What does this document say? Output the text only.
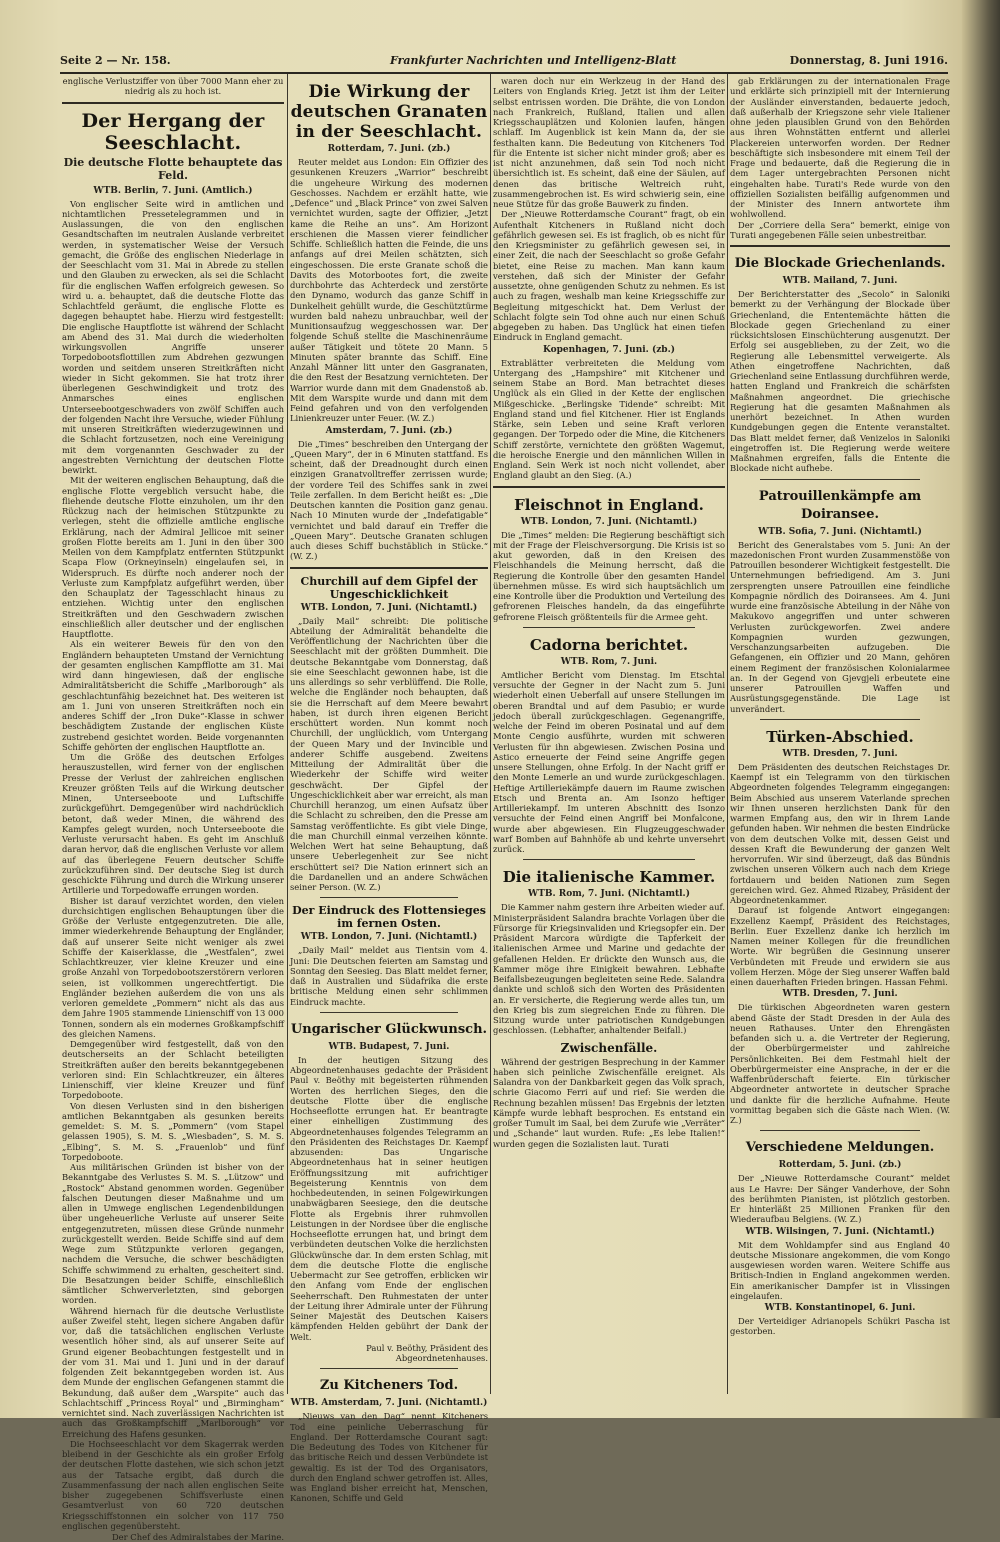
Seite 2 — Nr. 158.	Frankfurter Nachrichten und Intelligenz-Blatt	Donnerstag, 8. Juni 1916.

englische Verlustziffer von über 7000 Mann eher zu niedrig als zu hoch ist.

Der Hergang der Seeschlacht.
Die deutsche Flotte behauptete das Feld.
WTB. Berlin, 7. Juni. (Amtlich.)

Von englischer Seite wird in amtlichen und nichtamtlichen Pressetelegrammen und in Auslassungen, die von den englischen Gesandtschaften im neutralen Auslande verbreitet werden, in systematischer Weise der Versuch gemacht, die Größe des englischen Niederlage in der Seeschlacht vom 31. Mai in Abrede zu stellen und den Glauben zu erwecken, als sei die Schlacht für die englischen Waffen erfolgreich gewesen. So wird u. a. behauptet, daß die deutsche Flotte das Schlachtfeld geräumt, die englische Flotte es dagegen behauptet habe. Hierzu wird festgestellt: Die englische Hauptflotte ist während der Schlacht am Abend des 31. Mai durch die wiederholten wirkungsvollen Angriffe unserer Torpedobootsflottillen zum Abdrehen gezwungen worden und seitdem unseren Streitkräften nicht wieder in Sicht gekommen. Sie hat trotz ihrer überlegenen Geschwindigkeit und trotz des Anmarsches eines englischen Unterseebootgeschwaders von zwölf Schiffen auch der folgenden Nacht ihre Versuche, wieder Fühlung mit unseren Streitkräften wiederzugewinnen und die Schlacht fortzusetzen, noch eine Vereinigung mit dem vorgenannten Geschwader zu der angestrebten Vernichtung der deutschen Flotte bewirkt.

Mit der weiteren englischen Behauptung, daß die englische Flotte vergeblich versucht habe, die fliehende deutsche Flotte einzuholen, um ihr den Rückzug nach der heimischen Stützpunkte zu verlegen, steht die offizielle amtliche englische Erklärung, nach der Admiral Jellicoe mit seiner großen Flotte bereits am 1. Juni in den über 300 Meilen von dem Kampfplatz entfernten Stützpunkt Scapa Flow (Orkneyinseln) eingelaufen sei, in Widerspruch. Es dürfte noch anderer noch der Verluste zum Kampfplatz aufgeführt werden, über den Schauplatz der Tagesschlacht hinaus zu entziehen. Wichtig unter den englischen Streitkräften und den Geschwadern zwischen einschließlich aller deutscher und der englischen Hauptflotte.

Als ein weiterer Beweis für den von den Engländern behaupteten Umstand der Vernichtung der gesamten englischen Kampfflotte am 31. Mai wird dann hingewiesen, daß der englische Admiralitätsbericht die Schiffe „Marlborough“ als geschlachtunfähig bezeichnet hat. Des weiteren ist am 1. Juni von unseren Streitkräften noch ein anderes Schiff der „Iron Duke“-Klasse in schwer beschädigtem Zustande der englischen Küste zustrebend gesichtet worden. Beide vorgenannten Schiffe gehörten der englischen Hauptflotte an.

Um die Größe des deutschen Erfolges herauszustellen, wird ferner von der englischen Presse der Verlust der zahlreichen englischen Kreuzer größten Teils auf die Wirkung deutscher Minen, Unterseeboote und Luftschiffe zurückgeführt. Demgegenüber wird nachdrücklich betont, daß weder Minen, die während des Kampfes gelegt wurden, noch Unterseeboote die Verluste verursacht haben. Es geht im Anschluß daran hervor, daß die englischen Verluste vor allem auf das überlegene Feuern deutscher Schiffe zurückzuführen sind. Der deutsche Sieg ist durch geschickte Führung und durch die Wirkung unserer Artillerie und Torpedowaffe errungen worden.

Bisher ist darauf verzichtet worden, den vielen durchsichtigen englischen Behauptungen über die Größe der Verluste entgegenzutreten. Die alle, immer wiederkehrende Behauptung der Engländer, daß auf unserer Seite nicht weniger als zwei Schiffe der Kaiserklasse, die „Westfalen“, zwei Schlachtkreuzer, vier kleine Kreuzer und eine große Anzahl von Torpedobootszerstörern verloren seien, ist vollkommen ungerechtfertigt. Die Engländer beziehen außerdem die von uns als verloren gemeldete „Pommern“ nicht als das aus dem Jahre 1905 stammende Linienschiff von 13 000 Tonnen, sondern als ein modernes Großkampfschiff des gleichen Namens.

Demgegenüber wird festgestellt, daß von den deutscherseits an der Schlacht beteiligten Streitkräften außer den bereits bekanntgegebenen verloren sind: Ein Schlachtkreuzer, ein älteres Linienschiff, vier kleine Kreuzer und fünf Torpedoboote.

Von diesen Verlusten sind in den bisherigen amtlichen Bekanntgaben als gesunken bereits gemeldet: S. M. S. „Pommern“ (vom Stapel gelassen 1905), S. M. S. „Wiesbaden“, S. M. S. „Elbing“, S. M. S. „Frauenlob“ und fünf Torpedoboote.

Aus militärischen Gründen ist bisher von der Bekanntgabe des Verlustes S. M. S. „Lützow“ und „Rostock“ Abstand genommen worden. Gegenüber falschen Deutungen dieser Maßnahme und um allen in Umwege englischen Legendenbildungen über ungeheuerliche Verluste auf unserer Seite entgegenzutreten, müssen diese Gründe nunmehr zurückgestellt werden. Beide Schiffe sind auf dem Wege zum Stützpunkte verloren gegangen, nachdem die Versuche, die schwer beschädigten Schiffe schwimmend zu erhalten, gescheitert sind. Die Besatzungen beider Schiffe, einschließlich sämtlicher Schwerverletzten, sind geborgen worden.

Während hiernach für die deutsche Verlustliste außer Zweifel steht, liegen sichere Angaben dafür vor, daß die tatsächlichen englischen Verluste wesentlich höher sind, als auf unserer Seite auf Grund eigener Beobachtungen festgestellt und in der vom 31. Mai und 1. Juni und in der darauf folgenden Zeit bekanntgegeben worden ist. Aus dem Munde der englischen Gefangenen stammt die Bekundung, daß außer dem „Warspite“ auch das Schlachtschiff „Princess Royal“ und „Birmingham“ vernichtet sind. Nach zuverlässigen Nachrichten ist auch das Großkampfschiff „Marlborough“ vor Erreichung des Hafens gesunken.

Die Hochseeschlacht vor dem Skagerrak werden bleibend in der Geschichte als ein großer Erfolg der deutschen Flotte dastehen, wie sich schon jetzt aus der Tatsache ergibt, daß durch die Zusammenfassung der nach allen englischen Seite bisher zugegebenen Schiffsverluste einen Gesamtverlust von 60 720 deutschen Kriegsschiffstonnen ein solcher von 117 750 englischen gegenübersteht.

Der Chef des Admiralstabes der Marine.
Die Wirkung der deutschen Granaten in der Seeschlacht.
Rotterdam, 7. Juni. (zb.)

Reuter meldet aus London: Ein Offizier des gesunkenen Kreuzers „Warrior“ beschreibt die ungeheure Wirkung des modernen Geschosses. Nachdem er erzählt hatte, wie „Defence“ und „Black Prince“ von zwei Salven vernichtet wurden, sagte der Offizier, „Jetzt kame die Reihe an uns“. Am Horizont erschienen die Massen vierer feindlicher Schiffe. Schließlich hatten die Feinde, die uns anfangs auf drei Meilen schätzten, sich eingeschossen. Die erste Granate schoß die Davits des Motorbootes fort, die zweite durchbohrte das Achterdeck und zerstörte den Dynamo, wodurch das ganze Schiff in Dunkelheit gehüllt wurde, die Geschütztürme wurden bald nahezu unbrauchbar, weil der Munitionsaufzug weggeschossen war. Der folgende Schuß stellte die Maschinenräume außer Tätigkeit und tötete 20 Mann. 5 Minuten später brannte das Schiff. Eine Anzahl Männer litt unter den Gasgranaten, die den Rest der Besatzung vernichteten. Der Warrior wurde dann mit dem Gnadenstoß ab. Mit dem Warspite wurde und dann mit dem Feind gefahren und von den verfolgenden Linienkreuzer unter Feuer. (W. Z.)

Amsterdam, 7. Juni. (zb.)

Die „Times“ beschreiben den Untergang der „Queen Mary“, der in 6 Minuten stattfand. Es scheint, daß der Dreadnought durch einen einzigen Granatvolltreffer zerrissen wurde; der vordere Teil des Schiffes sank in zwei Teile zerfallen. In dem Bericht heißt es: „Die Deutschen kannten die Position ganz genau. Nach 10 Minuten wurde der „Indefatigable“ vernichtet und bald darauf ein Treffer die „Queen Mary“. Deutsche Granaten schlugen auch dieses Schiff buchstäblich in Stücke.“ (W. Z.)

Churchill auf dem Gipfel der Ungeschicklichkeit
WTB. London, 7. Juni. (Nichtamtl.)

„Daily Mail“ schreibt: Die politische Abteilung der Admiralität behandelte die Veröffentlichung der Nachrichten über die Seeschlacht mit der größten Dummheit. Die deutsche Bekanntgabe vom Donnerstag, daß sie eine Seeschlacht gewonnen habe, ist die uns allerdings so sehr verblüffend. Die Rolle, welche die Engländer noch behaupten, daß sie die Herrschaft auf dem Meere bewahrt haben, ist durch ihren eigenen Bericht erschüttert worden. Nun kommt noch Churchill, der unglücklich, vom Untergang der Queen Mary und der Invincible und anderer Schiffe ausgebend. Zweitens Mitteilung der Admiralität über die Wiederkehr der Schiffe wird weiter geschwächt. Der Gipfel der Ungeschicklichkeit aber war erreicht, als man Churchill heranzog, um einen Aufsatz über die Schlacht zu schreiben, den die Presse am Samstag veröffentlichte. Es gibt viele Dinge, die man Churchill einmal verzeihen könnte. Welchen Wert hat seine Behauptung, daß unsere Ueberlegenheit zur See nicht erschüttert sei? Die Nation erinnert sich an die Dardanellen und an andere Schwächen seiner Person. (W. Z.)

Der Eindruck des Flottensieges im fernen Osten.
WTB. London, 7. Juni. (Nichtamtl.)

„Daily Mail“ meldet aus Tientsin vom 4. Juni: Die Deutschen feierten am Samstag und Sonntag den Seesieg. Das Blatt meldet ferner, daß in Australien und Südafrika die erste britische Meldung einen sehr schlimmen Eindruck machte.

Ungarischer Glückwunsch.
WTB. Budapest, 7. Juni.

In der heutigen Sitzung des Abgeordnetenhauses gedachte der Präsident Paul v. Beöthy mit begeisterten rühmenden Worten des herrlichen Sieges, den die deutsche Flotte über die englische Hochseeflotte errungen hat. Er beantragte einer einhelligen Zustimmung des Abgeordnetenhauses folgendes Telegramm an den Präsidenten des Reichstages Dr. Kaempf abzusenden: Das Ungarische Abgeordnetenhaus hat in seiner heutigen Eröffnungssitzung mit aufrichtiger Begeisterung Kenntnis von dem hochbedeutenden, in seinen Folgewirkungen unabwägbaren Seesiege, den die deutsche Flotte als Ergebnis ihrer ruhmvollen Leistungen in der Nordsee über die englische Hochseeflotte errungen hat, und bringt dem verbündeten deutschen Volke die herzlichsten Glückwünsche dar. In dem ersten Schlag, mit dem die deutsche Flotte die englische Uebermacht zur See getroffen, erblicken wir den Anfang vom Ende der englischen Seeherrschaft. Den Ruhmestaten der unter der Leitung ihrer Admirale unter der Führung Seiner Majestät des Deutschen Kaisers kämpfenden Helden gebührt der Dank der Welt.

Paul v. Beöthy, Präsident des Abgeordnetenhauses.
Zu Kitcheners Tod.
WTB. Amsterdam, 7. Juni. (Nichtamtl.)

„Nieuws van den Dag“ nennt Kitcheners Tod eine peinliche Ueberraschung für England. Der Rotterdamsche Courant sagt: Die Bedeutung des Todes von Kitchener für das britische Reich und dessen Verbündete ist gewaltig. Es ist der Tod des Organisators, durch den England schwer getroffen ist. Alles, was England bisher erreicht hat, Menschen, Kanonen, Schiffe und Geld

waren doch nur ein Werkzeug in der Hand des Leiters von Englands Krieg. Jetzt ist ihm der Leiter selbst entrissen worden. Die Drähte, die von London nach Frankreich, Rußland, Italien und allen Kriegsschauplätzen und Kolonien laufen, hängen schlaff. Im Augenblick ist kein Mann da, der sie festhalten kann. Die Bedeutung von Kitcheners Tod für die Entente ist sicher nicht minder groß; aber es ist nicht anzunehmen, daß sein Tod noch nicht übersichtlich ist. Es scheint, daß eine der Säulen, auf denen das britische Weltreich ruht, zusammengebrochen ist. Es wird schwierig sein, eine neue Stütze für das große Bauwerk zu finden.

Der „Nieuwe Rotterdamsche Courant“ fragt, ob ein Aufenthalt Kitcheners in Rußland nicht doch gefährlich gewesen sei. Es ist fraglich, ob es nicht für den Kriegsminister zu gefährlich gewesen sei, in einer Zeit, die nach der Seeschlacht so große Gefahr bietet, eine Reise zu machen. Man kann kaum verstehen, daß sich der Minister der Gefahr aussetzte, ohne genügenden Schutz zu nehmen. Es ist auch zu fragen, weshalb man keine Kriegsschiffe zur Begleitung mitgeschickt hat. Dem Verlust der Schlacht folgte sein Tod ohne auch nur einen Schuß abgegeben zu haben. Das Unglück hat einen tiefen Eindruck in England gemacht.

Kopenhagen, 7. Juni. (zb.)

Extrablätter verbreiteten die Meldung vom Untergang des „Hampshire“ mit Kitchener und seinem Stabe an Bord. Man betrachtet dieses Unglück als ein Glied in der Kette der englischen Mißgeschicke. „Berlingske Tidende“ schreibt: Mit England stand und fiel Kitchener. Hier ist Englands Stärke, sein Leben und seine Kraft verloren gegangen. Der Torpedo oder die Mine, die Kitcheners Schiff zerstörte, vernichtete den größten Wagemut, die heroische Energie und den männlichen Willen in England. Sein Werk ist noch nicht vollendet, aber England glaubt an den Sieg. (A.)

Fleischnot in England.
WTB. London, 7. Juni. (Nichtamtl.)

Die „Times“ melden: Die Regierung beschäftigt sich mit der Frage der Fleischversorgung. Die Krisis ist so akut geworden, daß in den Kreisen des Fleischhandels die Meinung herrscht, daß die Regierung die Kontrolle über den gesamten Handel übernehmen müsse. Es wird sich hauptsächlich um eine Kontrolle über die Produktion und Verteilung des gefrorenen Fleisches handeln, da das eingeführte gefrorene Fleisch größtenteils für die Armee geht.

Cadorna berichtet.
WTB. Rom, 7. Juni.

Amtlicher Bericht vom Dienstag. Im Etschtal versuchte der Gegner in der Nacht zum 5. Juni wiederholt einen Ueberfall auf unsere Stellungen im oberen Brandtal und auf dem Pasubio; er wurde jedoch überall zurückgeschlagen. Gegenangriffe, welche der Feind im oberen Posinatal und auf dem Monte Cengio ausführte, wurden mit schweren Verlusten für ihn abgewiesen. Zwischen Posina und Astico erneuerte der Feind seine Angriffe gegen unsere Stellungen, ohne Erfolg. In der Nacht griff er den Monte Lemerle an und wurde zurückgeschlagen. Heftige Artilleriekämpfe dauern im Raume zwischen Etsch und Brenta an. Am Isonzo heftiger Artilleriekampf. Im unteren Abschnitt des Isonzo versuchte der Feind einen Angriff bei Monfalcone, wurde aber abgewiesen. Ein Flugzeuggeschwader warf Bomben auf Bahnhöfe ab und kehrte unversehrt zurück.

Die italienische Kammer.
WTB. Rom, 7. Juni. (Nichtamtl.)

Die Kammer nahm gestern ihre Arbeiten wieder auf. Ministerpräsident Salandra brachte Vorlagen über die Fürsorge für Kriegsinvaliden und Kriegsopfer ein. Der Präsident Marcora würdigte die Tapferkeit der italienischen Armee und Marine und gedachte der gefallenen Helden. Er drückte den Wunsch aus, die Kammer möge ihre Einigkeit bewahren. Lebhafte Beifallsbezeugungen begleiteten seine Rede. Salandra dankte und schloß sich den Worten des Präsidenten an. Er versicherte, die Regierung werde alles tun, um den Krieg bis zum siegreichen Ende zu führen. Die Sitzung wurde unter patriotischen Kundgebungen geschlossen. (Lebhafter, anhaltender Beifall.)

Zwischenfälle.

Während der gestrigen Besprechung in der Kammer haben sich peinliche Zwischenfälle ereignet. Als Salandra von der Dankbarkeit gegen das Volk sprach, schrie Giacomo Ferri auf und rief: Sie werden die Rechnung bezahlen müssen! Das Ergebnis der letzten Kämpfe wurde lebhaft besprochen. Es entstand ein großer Tumult im Saal, bei dem Zurufe wie „Verräter“ und „Schande“ laut wurden. Rufe: „Es lebe Italien!“ wurden gegen die Sozialisten laut. Turati

gab Erklärungen zu der internationalen Frage und erklärte sich prinzipiell mit der Internierung der Ausländer einverstanden, bedauerte jedoch, daß außerhalb der Kriegszone sehr viele Italiener ohne jeden plausiblen Grund von den Behörden aus ihren Wohnstätten entfernt und allerlei Plackereien unterworfen worden. Der Redner beschäftigte sich insbesondere mit einem Teil der Frage und bedauerte, daß die Regierung die in dem Lager untergebrachten Personen nicht eingehalten habe. Turati's Rede wurde von den offiziellen Sozialisten beifällig aufgenommen und der Minister des Innern antwortete ihm wohlwollend.

Der „Corriere della Sera“ bemerkt, einige von Turati angegebenen Fälle seien unbestreitbar.

Die Blockade Griechenlands.
WTB. Mailand, 7. Juni.

Der Berichterstatter des „Secolo“ in Saloniki bemerkt zu der Verhängung der Blockade über Griechenland, die Ententemächte hätten die Blockade gegen Griechenland zu einer rücksichtslosen Einschüchterung ausgenutzt. Der Erfolg sei ausgeblieben, zu der Zeit, wo die Regierung alle Lebensmittel verweigerte. Als Athen eingetroffene Nachrichten, daß Griechenland seine Entlassung durchführen werde, hatten England und Frankreich die schärfsten Maßnahmen angeordnet. Die griechische Regierung hat die gesamten Maßnahmen als unerhört bezeichnet. In Athen wurden Kundgebungen gegen die Entente veranstaltet. Das Blatt meldet ferner, daß Venizelos in Saloniki eingetroffen ist. Die Regierung werde weitere Maßnahmen ergreifen, falls die Entente die Blockade nicht aufhebe.

Patrouillenkämpfe am Doiransee.
WTB. Sofia, 7. Juni. (Nichtamtl.)

Bericht des Generalstabes vom 5. Juni: An der mazedonischen Front wurden Zusammenstöße von Patrouillen besonderer Wichtigkeit festgestellt. Die Unternehmungen befriedigend. Am 3. Juni zersprengten unsere Patrouillen eine feindliche Kompagnie nördlich des Doiransees. Am 4. Juni wurde eine französische Abteilung in der Nähe von Makukovo angegriffen und unter schweren Verlusten zurückgeworfen. Zwei andere Kompagnien wurden gezwungen, Verschanzungsarbeiten aufzugeben. Die Gefangenen, ein Offizier und 20 Mann, gehören einem Regiment der französischen Kolonialarmee an. In der Gegend von Gjevgjeli erbeutete eine unserer Patrouillen Waffen und Ausrüstungsgegenstände. Die Lage ist unverändert.

Türken-Abschied.
WTB. Dresden, 7. Juni.

Dem Präsidenten des deutschen Reichstages Dr. Kaempf ist ein Telegramm von den türkischen Abgeordneten folgendes Telegramm eingegangen: Beim Abschied aus unserem Vaterlande sprechen wir Ihnen unseren herzlichsten Dank für den warmen Empfang aus, den wir in Ihrem Lande gefunden haben. Wir nehmen die besten Eindrücke von dem deutschen Volke mit, dessen Geist und dessen Kraft die Bewunderung der ganzen Welt hervorrufen. Wir sind überzeugt, daß das Bündnis zwischen unseren Völkern auch nach dem Kriege fortdauern und beiden Nationen zum Segen gereichen wird. Gez. Ahmed Rizabey, Präsident der Abgeordnetenkammer.

Darauf ist folgende Antwort eingegangen: Exzellenz Kaempf, Präsident des Reichstages, Berlin. Euer Exzellenz danke ich herzlich im Namen meiner Kollegen für die freundlichen Worte. Wir begrüßen die Gesinnung unserer Verbündeten mit Freude und erwidern sie aus vollem Herzen. Möge der Sieg unserer Waffen bald einen dauerhaften Frieden bringen. Hassan Fehmi.

WTB. Dresden, 7. Juni.

Die türkischen Abgeordneten waren gestern abend Gäste der Stadt Dresden in der Aula des neuen Rathauses. Unter den Ehrengästen befanden sich u. a. die Vertreter der Regierung, der Oberbürgermeister und zahlreiche Persönlichkeiten. Bei dem Festmahl hielt der Oberbürgermeister eine Ansprache, in der er die Waffenbrüderschaft feierte. Ein türkischer Abgeordneter antwortete in deutscher Sprache und dankte für die herzliche Aufnahme. Heute vormittag begaben sich die Gäste nach Wien. (W. Z.)

Verschiedene Meldungen.
Rotterdam, 5. Juni. (zb.)

Der „Nieuwe Rotterdamsche Courant“ meldet aus Le Havre: Der Sänger Vanderhove, der Sohn des berühmten Pianisten, ist plötzlich gestorben. Er hinterläßt 25 Millionen Franken für den Wiederaufbau Belgiens. (W. Z.)

WTB. Wilsingen, 7. Juni. (Nichtamtl.)

Mit dem Wohldampfer sind aus England 40 deutsche Missionare angekommen, die vom Kongo ausgewiesen worden waren. Weitere Schiffe aus Britisch-Indien in England angekommen werden. Ein amerikanischer Dampfer ist in Vlissingen eingelaufen.

WTB. Konstantinopel, 6. Juni.

Der Verteidiger Adrianopels Schükri Pascha ist gestorben.
